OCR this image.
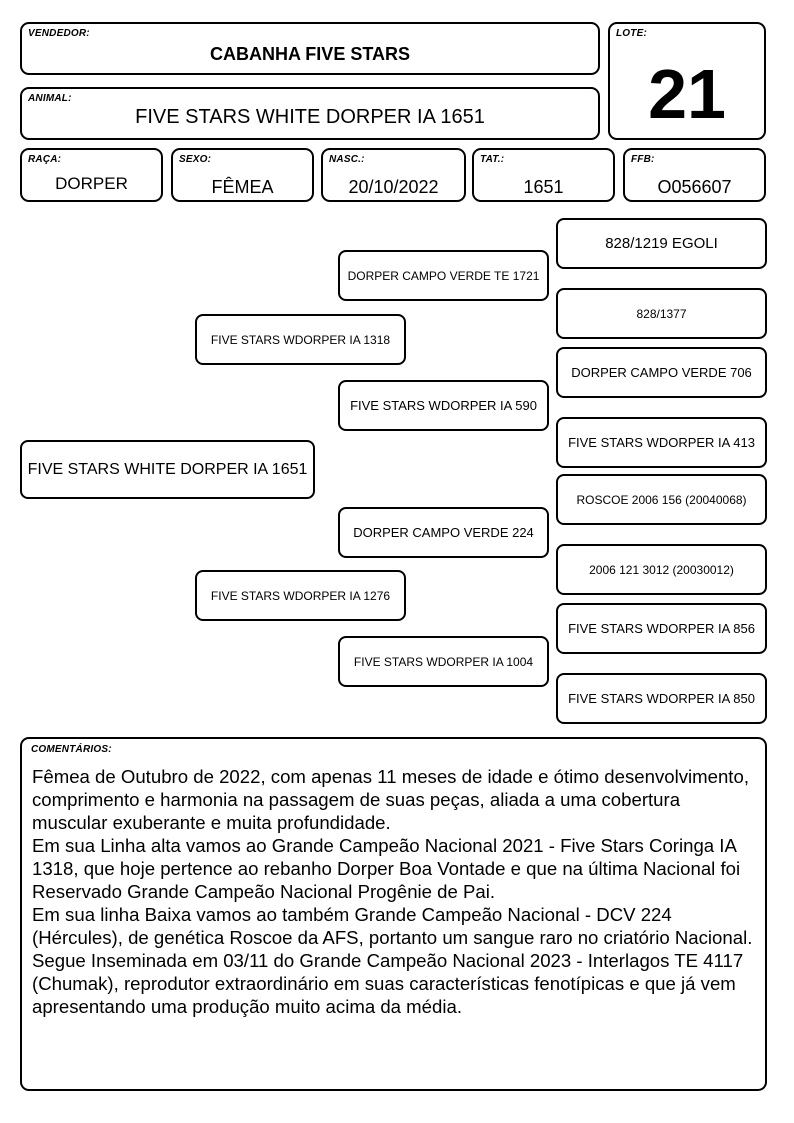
VENDEDOR:
CABANHA FIVE STARS
LOTE:
21
ANIMAL:
FIVE STARS WHITE DORPER IA 1651
RAÇA:
DORPER
SEXO:
FÊMEA
NASC.:
20/10/2022
TAT.:
1651
FFB:
O056607
FIVE STARS WHITE DORPER IA 1651
FIVE STARS WDORPER IA 1318
FIVE STARS WDORPER IA 1276
DORPER CAMPO VERDE TE 1721
FIVE STARS WDORPER IA 590
DORPER CAMPO VERDE 224
FIVE STARS WDORPER IA 1004
828/1219 EGOLI
828/1377
DORPER CAMPO VERDE 706
FIVE STARS WDORPER IA 413
ROSCOE 2006 156 (20040068)
2006 121 3012 (20030012)
FIVE STARS WDORPER IA 856
FIVE STARS WDORPER IA 850
COMENTÁRIOS:

Fêmea de Outubro de 2022, com apenas 11 meses de idade e ótimo desenvolvimento, comprimento e harmonia na passagem de suas peças, aliada a uma cobertura muscular exuberante e muita profundidade.

Em sua Linha alta vamos ao Grande Campeão Nacional 2021 - Five Stars Coringa IA 1318, que hoje pertence ao rebanho Dorper Boa Vontade e que na última Nacional foi Reservado Grande Campeão Nacional Progênie de Pai.

Em sua linha Baixa vamos ao também Grande Campeão Nacional - DCV 224 (Hércules), de genética Roscoe da AFS, portanto um sangue raro no criatório Nacional.

Segue Inseminada em 03/11 do Grande Campeão Nacional 2023 - Interlagos TE 4117 (Chumak), reprodutor extraordinário em suas características fenotípicas e que já vem apresentando uma produção muito acima da média.
